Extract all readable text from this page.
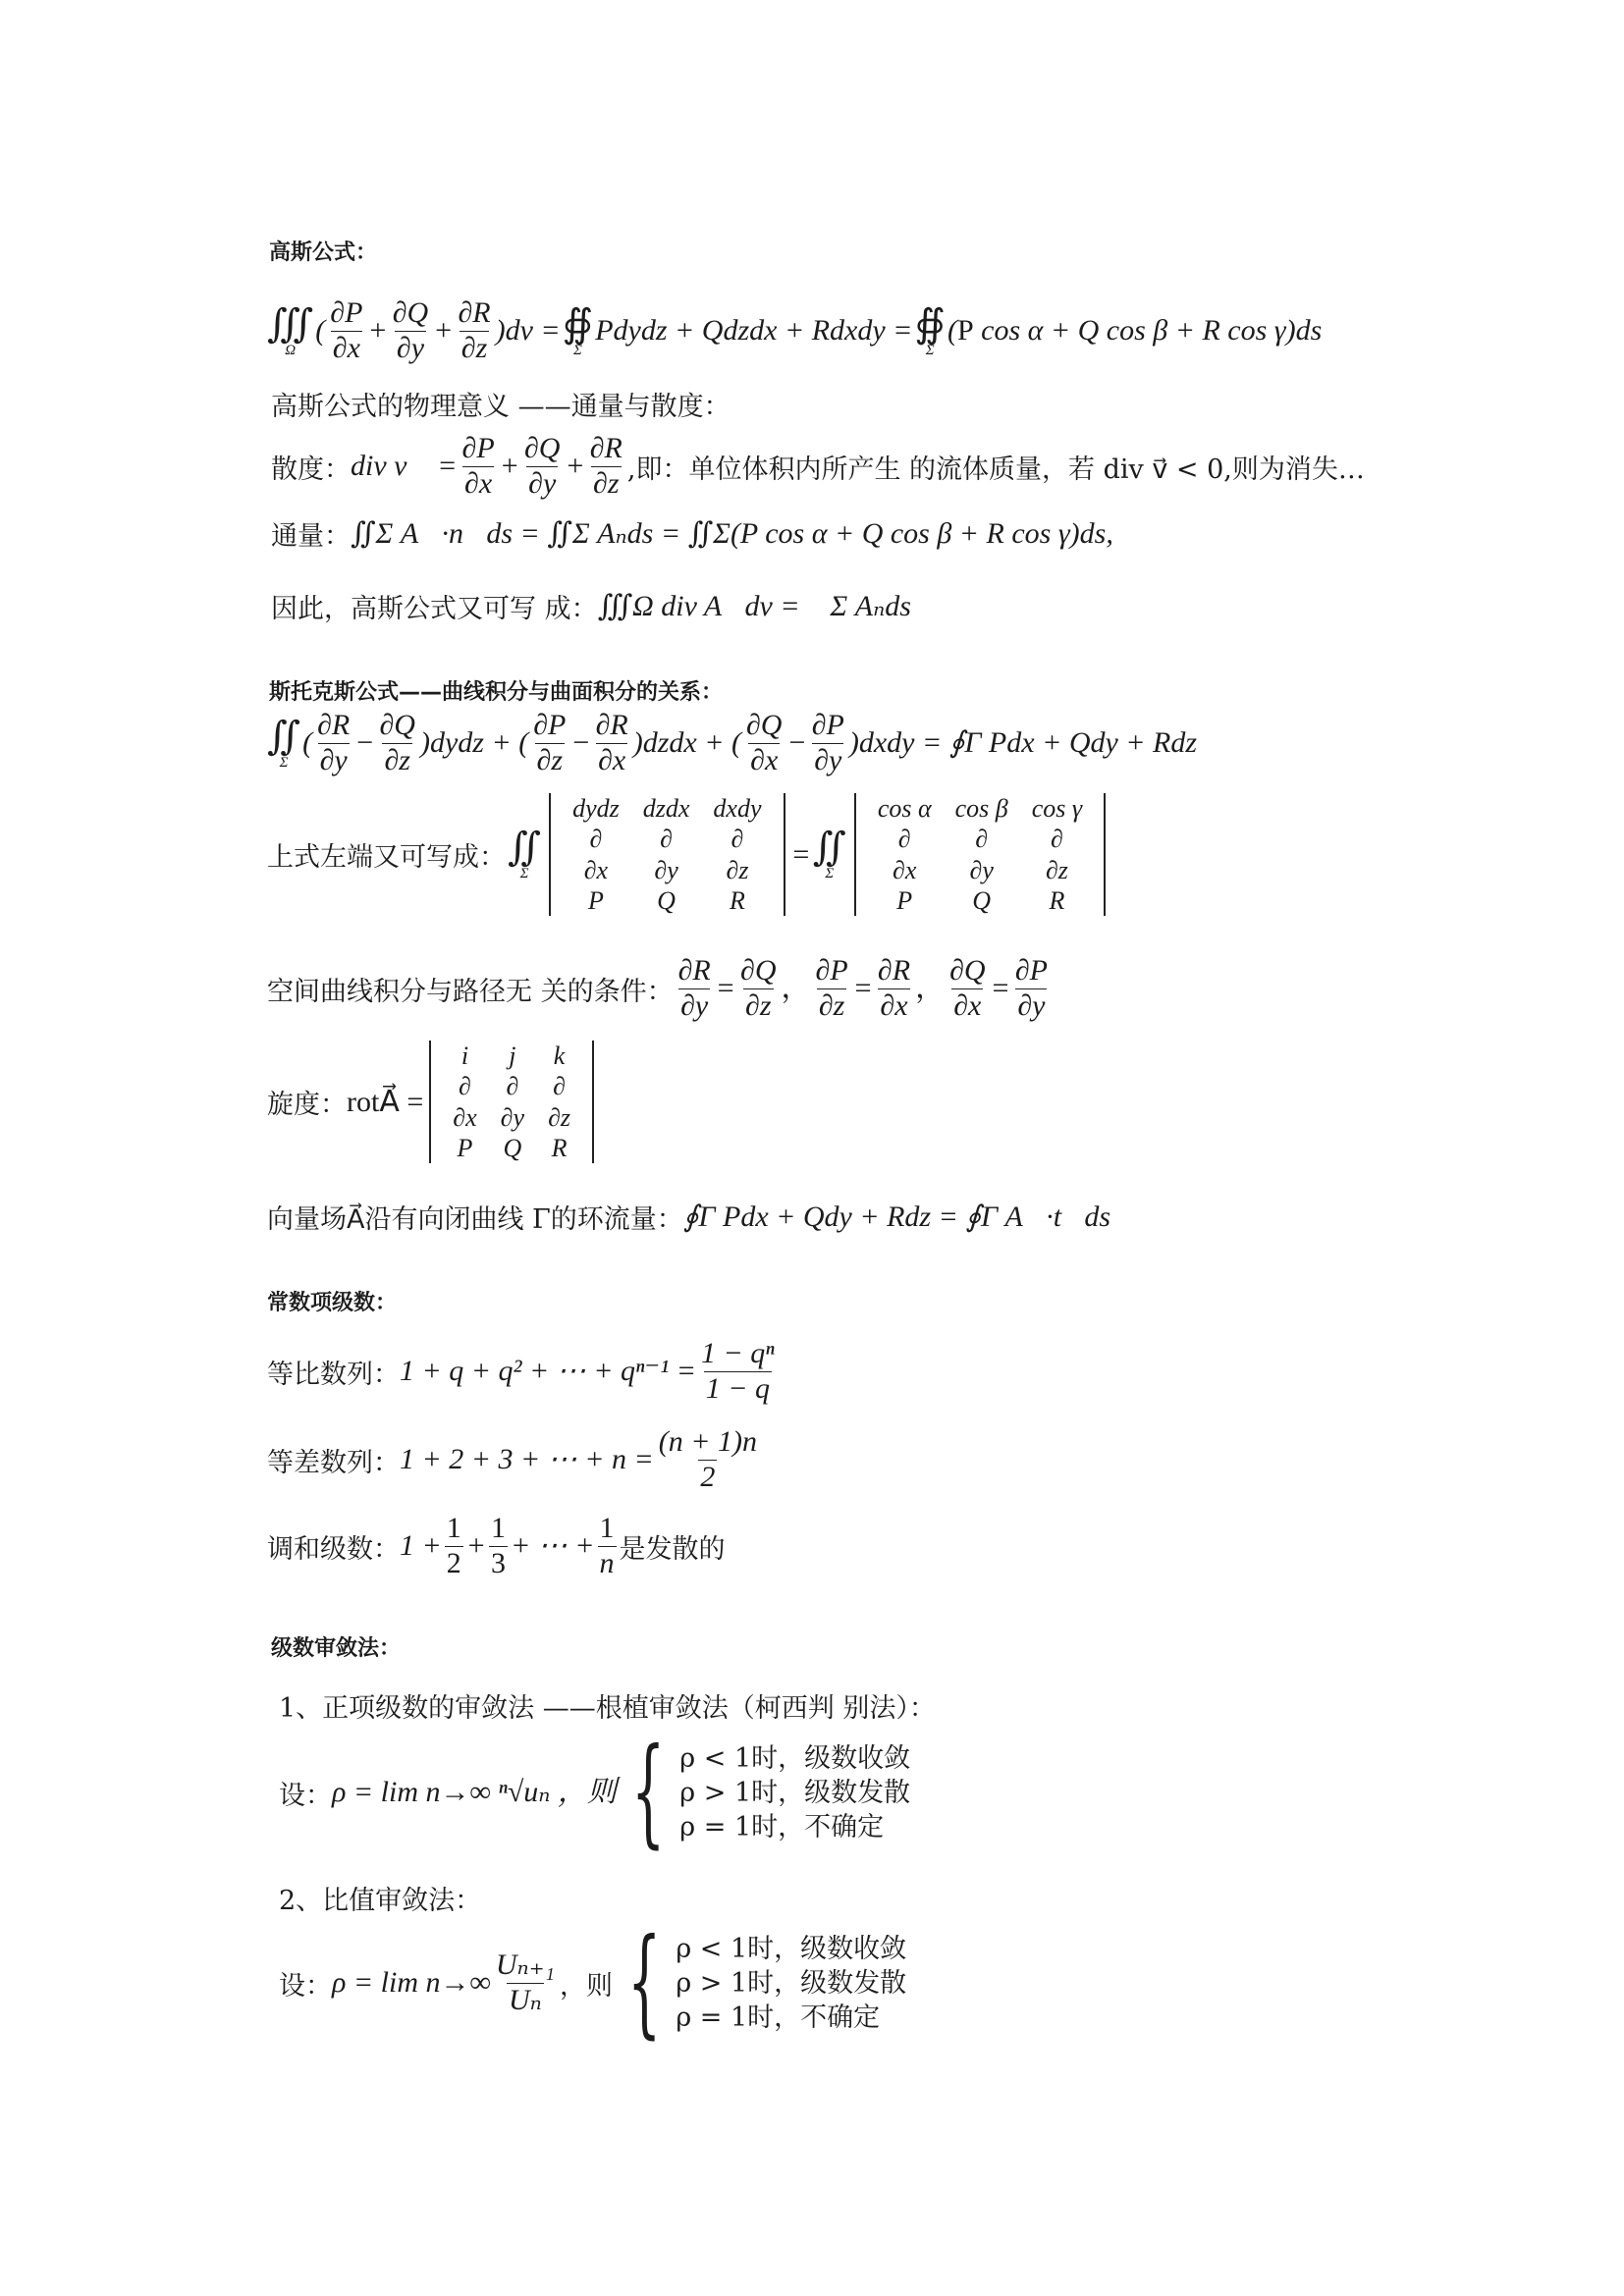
高斯公式：
∭
Ω
( $\frac{\partial P}{\partial x} + \frac{\partial Q}{\partial y} + \frac{\partial R}{\partial z} )dv$ = ∯
Σ
Pdydz + Qdzdx + Rdxdy = ∯
Σ
( P cos α + Q cos β + R cos γ)ds
高斯公式的物理意义 ——通量与散度：
散度： div v⃗ = $\frac{\partial P}{\partial x} + \frac{\partial Q}{\partial y} + \frac{\partial R}{\partial z}$ ,即：单位体积内所产生 的流体质量，若 div v⃗ < 0,则为消失…
通量： ∬Σ A⃗·n⃗ds = ∬Σ Aₙds = ∬Σ(P cos α + Q cos β + R cos γ)ds,
因此，高斯公式又可写 成： ∭Ω div A⃗dv = ∯Σ Aₙds
斯托克斯公式——曲线积分与曲面积分的关系：
∬
Σ
( $\frac{\partial R}{\partial y} - \frac{\partial Q}{\partial z}$ )dydz + ( $\frac{\partial P}{\partial z} - \frac{\partial R}{\partial x}$ )dzdx + ( $\frac{\partial Q}{\partial x} - \frac{\partial P}{\partial y}$ )dxdy = ∮Γ Pdx + Qdy + Rdz
上式左端又可写成： ∬
Σ
dydz dzdx dxdy
∂	∂	∂
∂x	∂y	∂z
P	Q	R
= ∬
Σ
cos α cos β cos γ
∂	∂	∂
∂x	∂y	∂z
P	Q	R
空间曲线积分与路径无 关的条件： $\frac{\partial R}{\partial y} = \frac{\partial Q}{\partial z}$ ， $\frac{\partial P}{\partial z} = \frac{\partial R}{\partial x}$ ， $\frac{\partial Q}{\partial x} = \frac{\partial P}{\partial y}$
旋度： rotA⃗ =
i	j	k
∂	∂	∂
∂x ∂y ∂z
P	Q	R
向量场A⃗沿有向闭曲线 Γ的环流量： ∮Γ Pdx + Qdy + Rdz = ∮Γ A⃗·t⃗ds
常数项级数：
等比数列： 1 + q + q² + ⋯ + $q^{n-1} = \frac{\text{1 − qⁿ}}{1 - q}$
等差数列： 1 + 2 + 3 + ⋯ + $n = \frac{(n + 1)n}{2}$
调和级数： $1 + \frac{1}{2} + \frac{1}{3}$ + ⋯ + $\frac{1}{n}$ 是发散的
级数审敛法：
1、正项级数的审敛法 ——根植审敛法（柯西判 别法）：
设： ρ = lim n→∞ ⁿ√uₙ ，则 { ρ < 1时，级数收敛
ρ > 1时，级数发散
ρ = 1时，不确定
2、比值审敛法：
设： $\rho = \lim n\to\infty \frac{\text{Uₙ₊₁}}{\text{Uₙ}}$ ，则 { ρ < 1时，级数收敛
ρ > 1时，级数发散
ρ = 1时，不确定
